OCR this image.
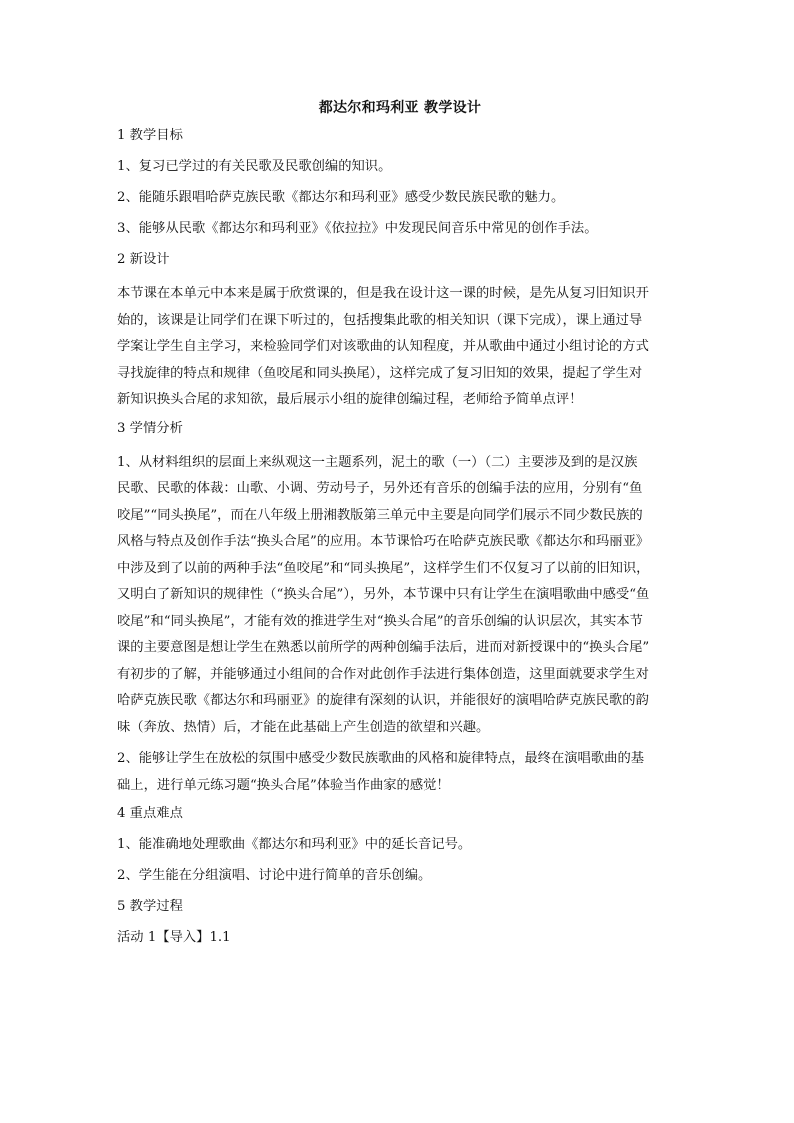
都达尔和玛利亚 教学设计
1 教学目标
1、复习已学过的有关民歌及民歌创编的知识。
2、能随乐跟唱哈萨克族民歌《都达尔和玛利亚》感受少数民族民歌的魅力。
3、能够从民歌《都达尔和玛利亚》《依拉拉》中发现民间音乐中常见的创作手法。
2 新设计
本节课在本单元中本来是属于欣赏课的，但是我在设计这一课的时候，是先从复习旧知识开
始的，该课是让同学们在课下听过的，包括搜集此歌的相关知识（课下完成），课上通过导
学案让学生自主学习，来检验同学们对该歌曲的认知程度，并从歌曲中通过小组讨论的方式
寻找旋律的特点和规律（鱼咬尾和同头换尾），这样完成了复习旧知的效果，提起了学生对
新知识换头合尾的求知欲，最后展示小组的旋律创编过程，老师给予简单点评！
3 学情分析
1、从材料组织的层面上来纵观这一主题系列，泥土的歌（一）（二）主要涉及到的是汉族
民歌、民歌的体裁：山歌、小调、劳动号子，另外还有音乐的创编手法的应用，分别有“鱼
咬尾”“同头换尾”，而在八年级上册湘教版第三单元中主要是向同学们展示不同少数民族的
风格与特点及创作手法“换头合尾”的应用。本节课恰巧在哈萨克族民歌《都达尔和玛丽亚》
中涉及到了以前的两种手法“鱼咬尾”和“同头换尾”，这样学生们不仅复习了以前的旧知识，
又明白了新知识的规律性（“换头合尾”），另外，本节课中只有让学生在演唱歌曲中感受“鱼
咬尾”和“同头换尾”，才能有效的推进学生对“换头合尾”的音乐创编的认识层次，其实本节
课的主要意图是想让学生在熟悉以前所学的两种创编手法后，进而对新授课中的“换头合尾”
有初步的了解，并能够通过小组间的合作对此创作手法进行集体创造，这里面就要求学生对
哈萨克族民歌《都达尔和玛丽亚》的旋律有深刻的认识，并能很好的演唱哈萨克族民歌的韵
味（奔放、热情）后，才能在此基础上产生创造的欲望和兴趣。
2、能够让学生在放松的氛围中感受少数民族歌曲的风格和旋律特点，最终在演唱歌曲的基
础上，进行单元练习题“换头合尾”体验当作曲家的感觉！
4 重点难点
1、能准确地处理歌曲《都达尔和玛利亚》中的延长音记号。
2、学生能在分组演唱、讨论中进行简单的音乐创编。
5 教学过程
活动 1【导入】1.1
